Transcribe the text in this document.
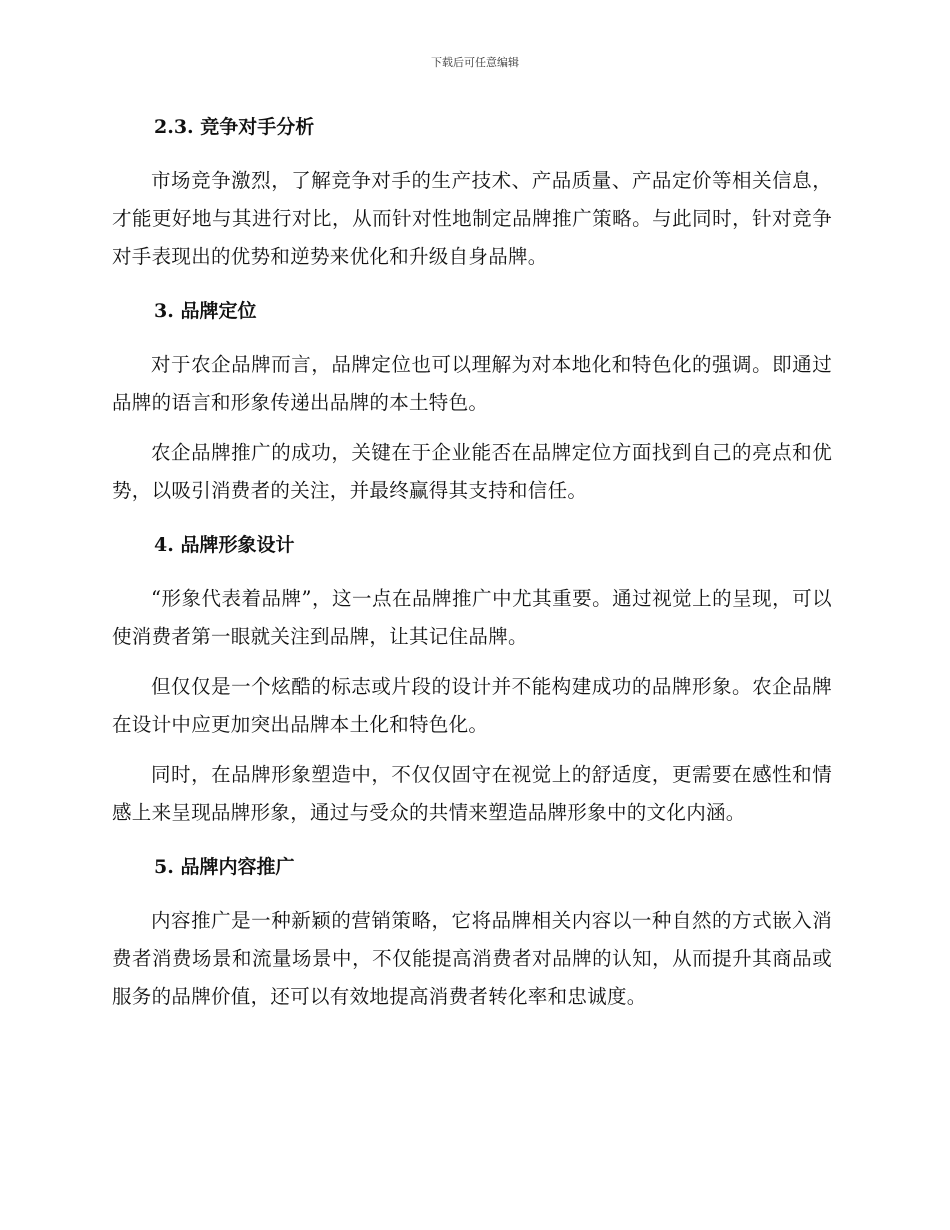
下载后可任意编辑
2.3. 竞争对手分析

市场竞争激烈，了解竞争对手的生产技术、产品质量、产品定价等相关信息，才能更好地与其进行对比，从而针对性地制定品牌推广策略。与此同时，针对竞争对手表现出的优势和逆势来优化和升级自身品牌。

3. 品牌定位

对于农企品牌而言，品牌定位也可以理解为对本地化和特色化的强调。即通过品牌的语言和形象传递出品牌的本土特色。

农企品牌推广的成功，关键在于企业能否在品牌定位方面找到自己的亮点和优势，以吸引消费者的关注，并最终赢得其支持和信任。

4. 品牌形象设计

“形象代表着品牌”，这一点在品牌推广中尤其重要。通过视觉上的呈现，可以使消费者第一眼就关注到品牌，让其记住品牌。

但仅仅是一个炫酷的标志或片段的设计并不能构建成功的品牌形象。农企品牌在设计中应更加突出品牌本土化和特色化。

同时，在品牌形象塑造中，不仅仅固守在视觉上的舒适度，更需要在感性和情感上来呈现品牌形象，通过与受众的共情来塑造品牌形象中的文化内涵。

5. 品牌内容推广

内容推广是一种新颖的营销策略，它将品牌相关内容以一种自然的方式嵌入消费者消费场景和流量场景中，不仅能提高消费者对品牌的认知，从而提升其商品或服务的品牌价值，还可以有效地提高消费者转化率和忠诚度。
